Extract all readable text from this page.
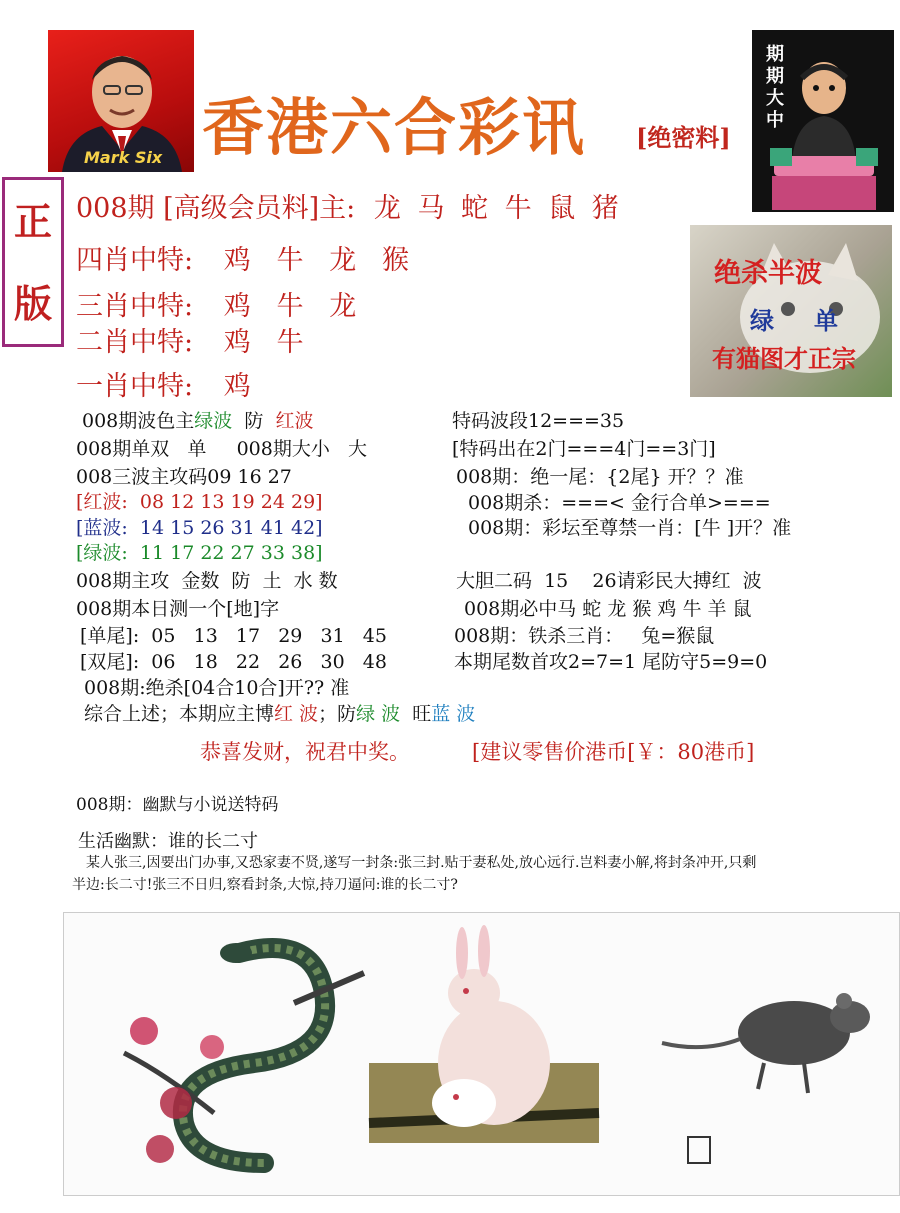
Mark Six 香港六合彩讯 [绝密料]
期期大中
正
版
008期 [高级会员料]主: 龙 马 蛇 牛 鼠 猪
四肖中特: 鸡   牛   龙   猴
三肖中特: 鸡   牛   龙
二肖中特: 鸡   牛
一肖中特: 鸡
绝杀半波
绿 单
有猫图才正宗
008期波色主绿波  防  红波
008期单双   单     008期大小   大
008三波主攻码09 16 27
[红波:  08 12 13 19 24 29]
[蓝波:  14 15 26 31 41 42]
[绿波:  11 17 22 27 33 38]
008期主攻  金数  防  土  水 数
008期本日测一个[地]字
[单尾]:  05   13   17   29   31   45
[双尾]:  06   18   22   26   30   48
008期:绝杀[04合10合]开?? 准
综合上述；本期应主博红 波；防绿 波  旺蓝 波
特码波段12===35
[特码出在2门===4门==3门]
008期：绝一尾：{2尾} 开？？准
008期杀：===< 金行合单>===
008期：彩坛至尊禁一肖：[牛 ]开？准
大胆二码  15    26请彩民大搏红  波
008期必中马 蛇 龙 猴 鸡 牛 羊 鼠
008期：铁杀三肖：   兔=猴鼠
本期尾数首攻2=7=1 尾防守5=9=0
恭喜发财，祝君中奖。	[建议零售价港币[￥：80港币]
008期：幽默与小说送特码
生活幽默：谁的长二寸
某人张三,因要出门办事,又恐家妻不贤,遂写一封条:张三封.贴于妻私处,放心远行.岂料妻小解,将封条冲开,只剩
半边:长二寸!张三不日归,察看封条,大惊,持刀逼问:谁的长二寸?
